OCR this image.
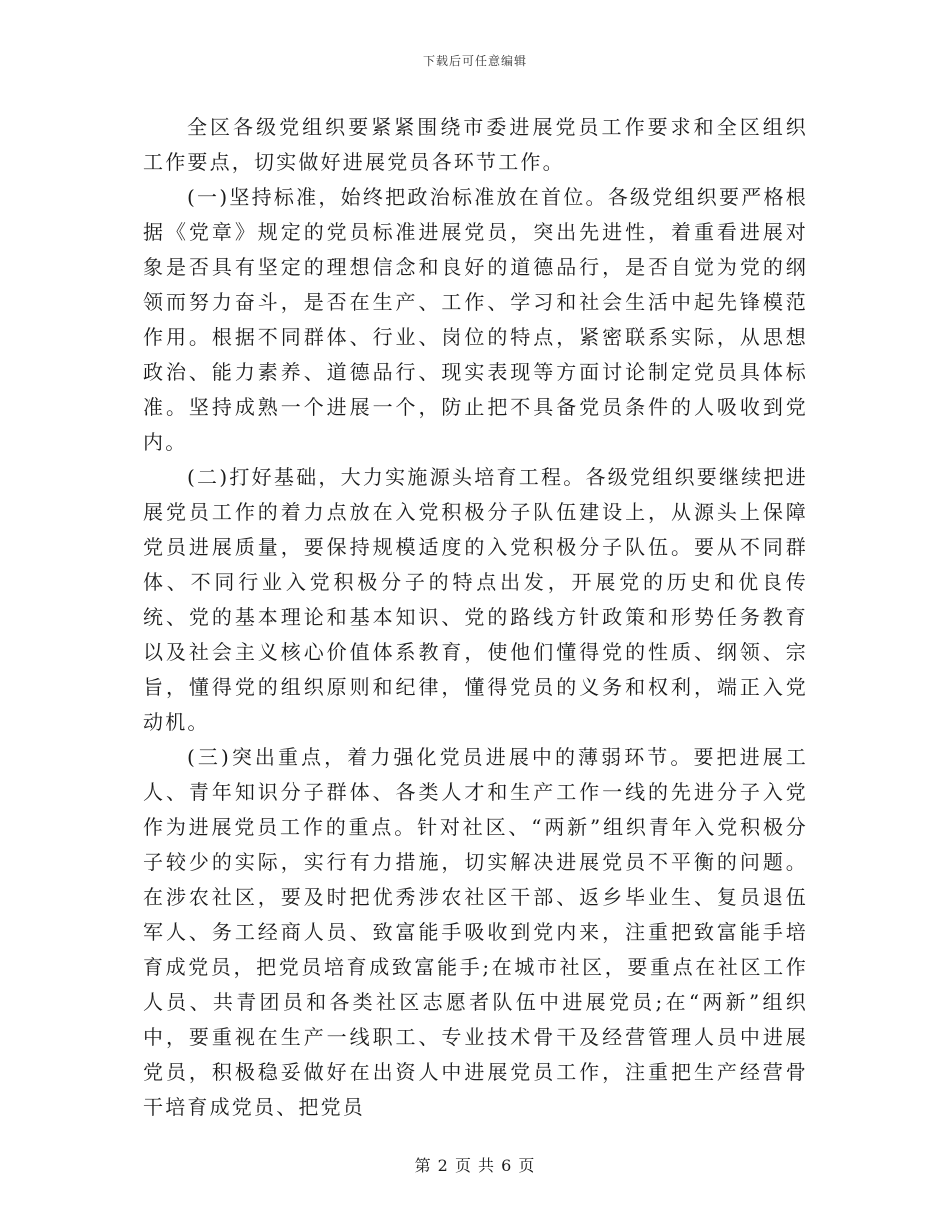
下载后可任意编辑

全区各级党组织要紧紧围绕市委进展党员工作要求和全区组织工作要点，切实做好进展党员各环节工作。

(一)坚持标准，始终把政治标准放在首位。各级党组织要严格根据《党章》规定的党员标准进展党员，突出先进性，着重看进展对象是否具有坚定的理想信念和良好的道德品行，是否自觉为党的纲领而努力奋斗，是否在生产、工作、学习和社会生活中起先锋模范作用。根据不同群体、行业、岗位的特点，紧密联系实际，从思想政治、能力素养、道德品行、现实表现等方面讨论制定党员具体标准。坚持成熟一个进展一个，防止把不具备党员条件的人吸收到党内。

(二)打好基础，大力实施源头培育工程。各级党组织要继续把进展党员工作的着力点放在入党积极分子队伍建设上，从源头上保障党员进展质量，要保持规模适度的入党积极分子队伍。要从不同群体、不同行业入党积极分子的特点出发，开展党的历史和优良传统、党的基本理论和基本知识、党的路线方针政策和形势任务教育以及社会主义核心价值体系教育，使他们懂得党的性质、纲领、宗旨，懂得党的组织原则和纪律，懂得党员的义务和权利，端正入党动机。

(三)突出重点，着力强化党员进展中的薄弱环节。要把进展工人、青年知识分子群体、各类人才和生产工作一线的先进分子入党作为进展党员工作的重点。针对社区、“两新”组织青年入党积极分子较少的实际，实行有力措施，切实解决进展党员不平衡的问题。在涉农社区，要及时把优秀涉农社区干部、返乡毕业生、复员退伍军人、务工经商人员、致富能手吸收到党内来，注重把致富能手培育成党员，把党员培育成致富能手;在城市社区，要重点在社区工作人员、共青团员和各类社区志愿者队伍中进展党员;在“两新”组织中，要重视在生产一线职工、专业技术骨干及经营管理人员中进展党员，积极稳妥做好在出资人中进展党员工作，注重把生产经营骨干培育成党员、把党员

第 2 页 共 6 页
